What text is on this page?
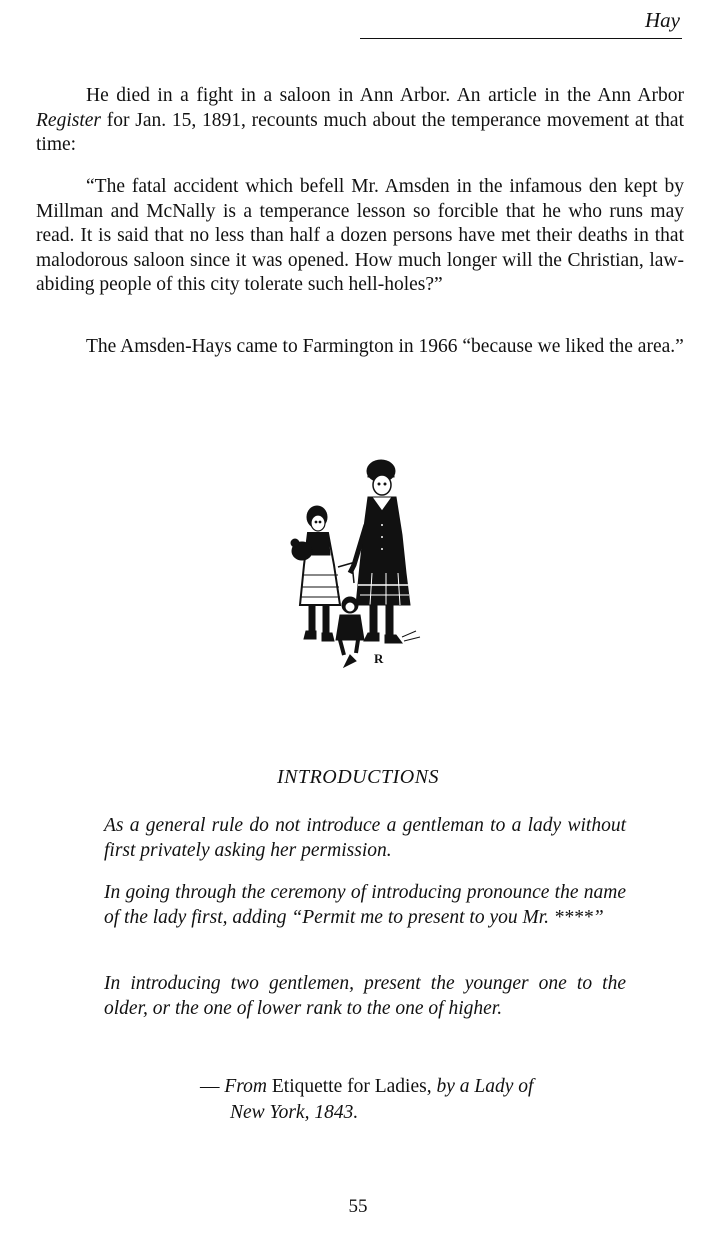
Hay

He died in a fight in a saloon in Ann Arbor. An article in the Ann Arbor Register for Jan. 15, 1891, recounts much about the temperance movement at that time:

“The fatal accident which befell Mr. Amsden in the infamous den kept by Millman and McNally is a temperance lesson so forcible that he who runs may read. It is said that no less than half a dozen persons have met their deaths in that malodorous saloon since it was opened. How much longer will the Christian, law-abiding people of this city tolerate such hell-holes?”

The Amsden-Hays came to Farmington in 1966 “because we liked the area.”

R
INTRODUCTIONS

As a general rule do not introduce a gentleman to a lady without first privately asking her permission.

In going through the ceremony of introducing pronounce the name of the lady first, adding “Permit me to present to you Mr. ****”

In introducing two gentlemen, present the younger one to the older, or the one of lower rank to the one of higher.

— From Etiquette for Ladies, by a Lady of
New York, 1843.
55
